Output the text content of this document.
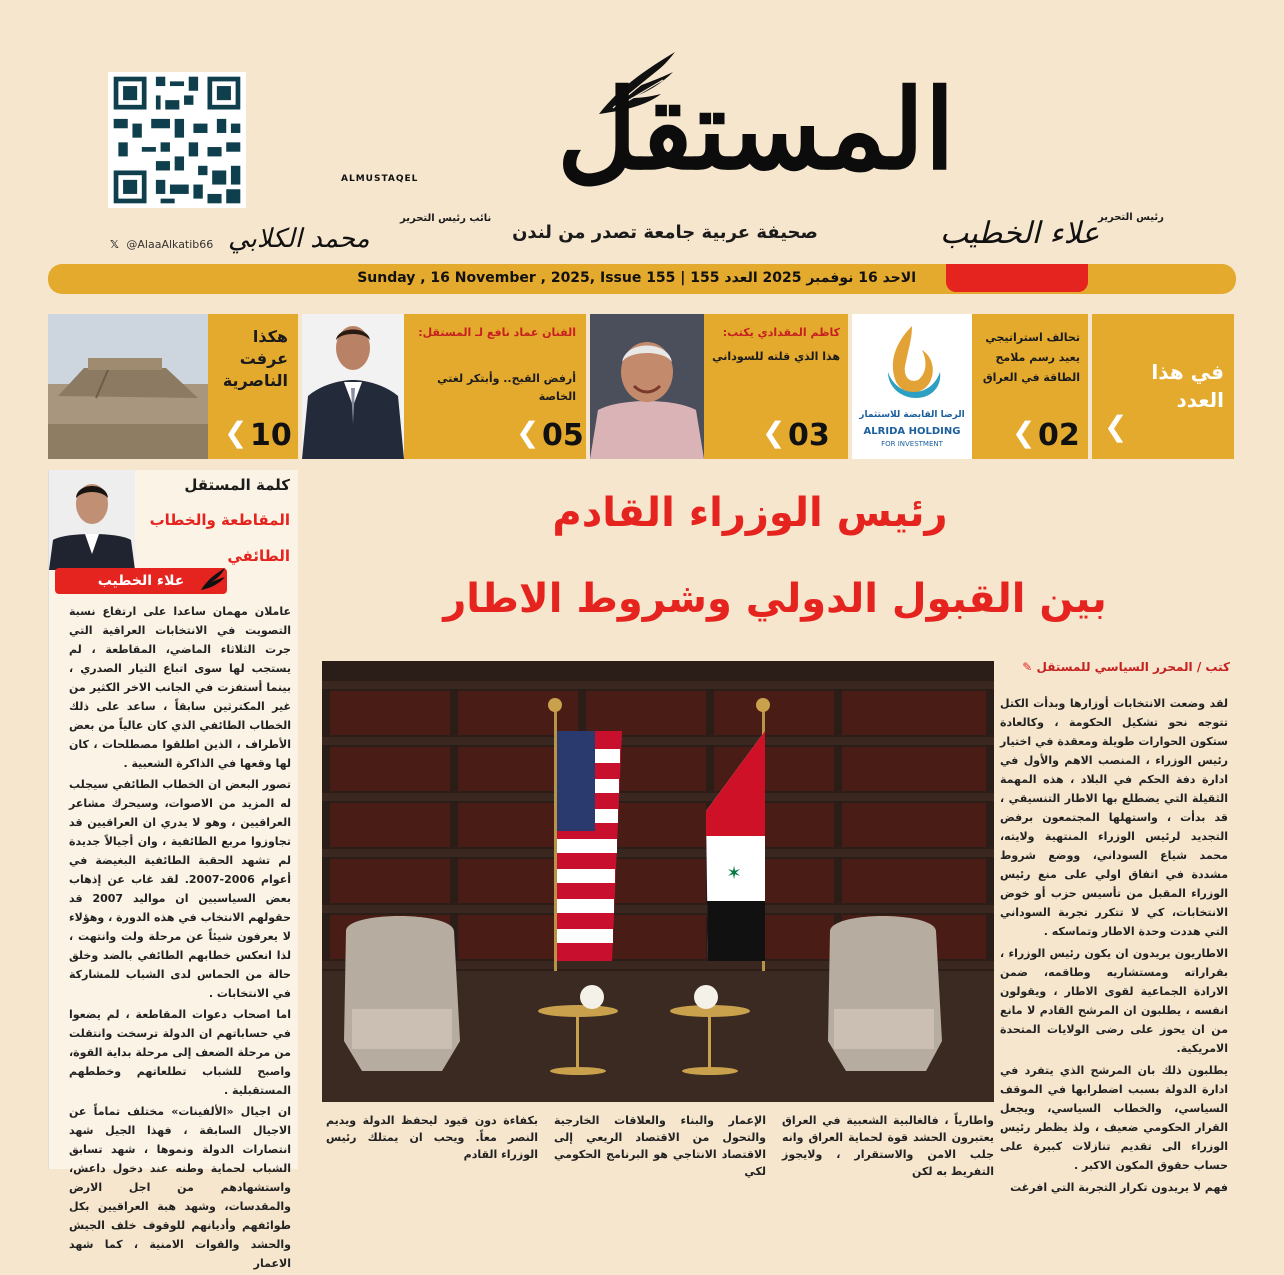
𝕏 @AlaaAlkatib66
المستقل
ALMUSTAQEL
صحيفة عربية جامعة تصدر من لندن
نائب رئيس التحرير
محمد الكلابي
رئيس التحرير
علاء الخطيب
Sunday , 16 November , 2025, Issue 155 | الاحد 16 نوفمبر 2025 العدد 155
هكذا عرفت الناصرية
❮ 10
الفنان عماد نافع لـ المستقل:
أرفض القبح.. وأبتكر لغتي الخاصة
❮ 05
كاظم المقدادي يكتب:
هذا الذي قلته للسوداني
❮ 03
الرضا القابضة للاستثمار
ALRIDA HOLDING
FOR INVESTMENT
تحالف استراتيجي يعيد رسم ملامح الطاقة في العراق
❮ 02
في هذا العدد
❮
كلمة المستقل
المقاطعة والخطاب الطائفي
علاء الخطيب

عاملان مهمان ساعدا على ارتفاع نسبة التصويت في الانتخابات العراقية التي جرت الثلاثاء الماضي، المقاطعة ، لم يستجب لها سوى اتباع التيار الصدري ، بينما أستفزت في الجانب الاخر الكثير من غير المكترثين سابقاً ، ساعد على ذلك الخطاب الطائفي الذي كان عالياً من بعض الأطراف ، الذين اطلقوا مصطلحات ، كان لها وقعها في الذاكرة الشعبية .

تصور البعض ان الخطاب الطائفي سيجلب له المزيد من الاصوات، وسيحرك مشاعر العراقيين ، وهو لا يدري ان العراقيين قد تجاوزوا مربع الطائفية ، وان أجيالاً جديدة لم تشهد الحقبة الطائفية البغيضة في أعوام 2006-2007. لقد غاب عن إذهاب بعض السياسيين ان مواليد 2007 قد حقولهم الانتخاب في هذه الدورة ، وهؤلاء لا يعرفون شيئاً عن مرحلة ولت وانتهت ، لذا انعكس خطابهم الطائفي بالضد وخلق حالة من الحماس لدى الشباب للمشاركة في الانتخابات .

اما اصحاب دعوات المقاطعة ، لم يضعوا في حساباتهم ان الدولة ترسخت وانتقلت من مرحلة الضعف إلى مرحلة بداية القوة، واصبح للشباب تطلعاتهم وخططهم المستقبلية .

ان اجيال «الألفينات» مختلف تماماً عن الاجيال السابقة ، فهذا الجيل شهد انتصارات الدولة ونموها ، شهد تسابق الشباب لحماية وطنه عند دخول داعش، واستشهادهم من اجل الارض والمقدسات، وشهد هبة العراقيين بكل طوائفهم وأديانهم للوقوف خلف الجيش والحشد والقوات الامنية ، كما شهد الاعمار

رئيس الوزراء القادم
بين القبول الدولي وشروط الاطار
كتب / المحرر السياسي للمستقل ✎

لقد وضعت الانتخابات أوزارها وبدأت الكتل تتوجه نحو تشكيل الحكومة ، وكالعادة ستكون الحوارات طويلة ومعقدة في اختيار رئيس الوزراء ، المنصب الاهم والأول في ادارة دفة الحكم في البلاد ، هذه المهمة الثقيلة التي يضطلع بها الاطار التنسيقي ، قد بدأت ، واستهلها المجتمعون برفض التجديد لرئيس الوزراء المنتهية ولايته، محمد شياع السوداني، ووضع شروط مشددة في اتفاق اولي على منع رئيس الوزراء المقبل من تأسيس حزب أو خوض الانتخابات، كي لا تتكرر تجربة السوداني التي هددت وحدة الاطار وتماسكه .

الاطاريون يريدون ان يكون رئيس الوزراء ، بقراراته ومستشاريه وطاقمه، ضمن الارادة الجماعية لقوى الاطار ، ويقولون انفسه ، يطلبون ان المرشح القادم لا مانع من ان يحوز على رضى الولايات المتحدة الامريكية.

يطلبون ذلك بان المرشح الذي يتفرد في ادارة الدولة بسبب اضطرابها في الموقف السياسي، والخطاب السياسي، ويجعل القرار الحكومي ضعيف ، ولذ يظطر رئيس الوزراء الى تقديم تنازلات كبيرة على حساب حقوق المكون الاكبر .

فهم لا يريدون تكرار التجربة التي افرغت

✶
واطارياً ، فالغالبية الشعبية في العراق يعتبرون الحشد قوة لحماية العراق وانه جلب الامن والاستقرار ، ولايجوز التفريط به لكن
الإعمار والبناء والعلاقات الخارجية والتحول من الاقتصاد الريعي إلى الاقتصاد الانتاجي هو البرنامج الحكومي لكي
بكفاءة دون قيود ليحفظ الدولة ويديم النصر معاً. ويحب ان يمتلك رئيس الوزراء القادم
